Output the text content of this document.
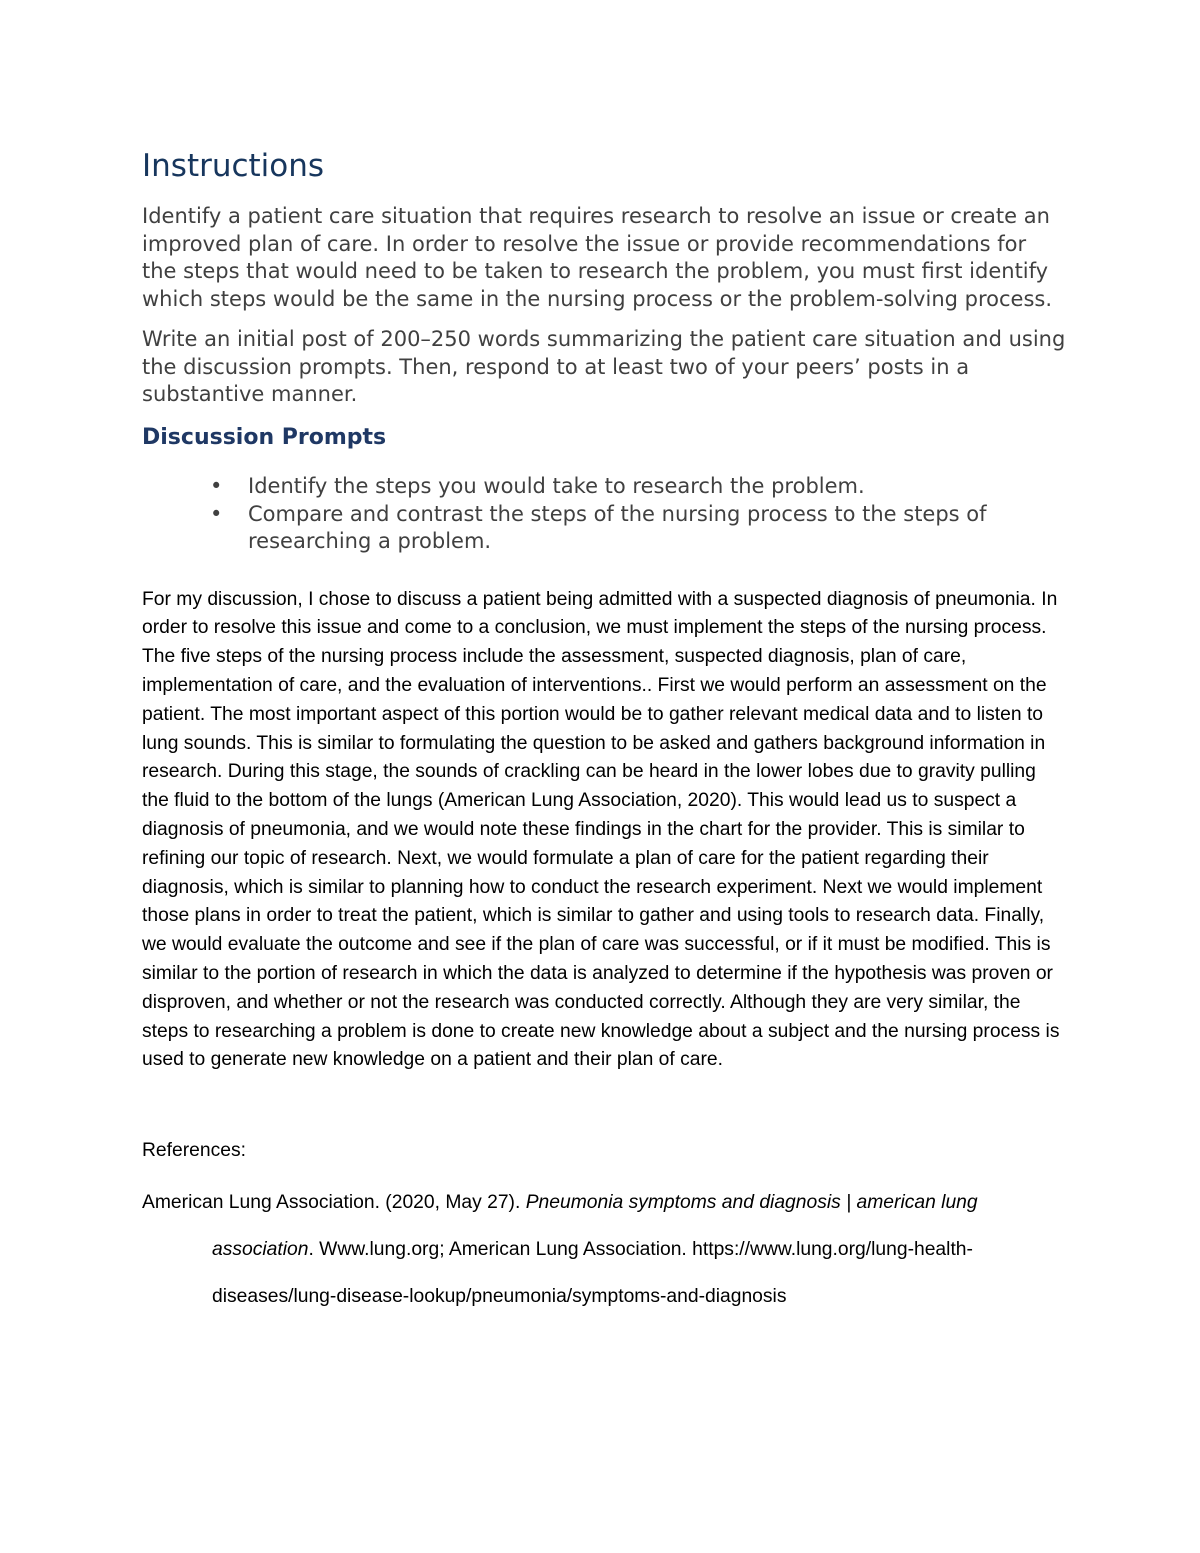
Instructions

Identify a patient care situation that requires research to resolve an issue or create an improved plan of care. In order to resolve the issue or provide recommendations for the steps that would need to be taken to research the problem, you must first identify which steps would be the same in the nursing process or the problem-solving process.

Write an initial post of 200–250 words summarizing the patient care situation and using the discussion prompts. Then, respond to at least two of your peers’ posts in a substantive manner.

Discussion Prompts
• Identify the steps you would take to research the problem.
• Compare and contrast the steps of the nursing process to the steps of researching a problem.

For my discussion, I chose to discuss a patient being admitted with a suspected diagnosis of pneumonia. In order to resolve this issue and come to a conclusion, we must implement the steps of the nursing process. The five steps of the nursing process include the assessment, suspected diagnosis, plan of care, implementation of care, and the evaluation of interventions.. First we would perform an assessment on the patient. The most important aspect of this portion would be to gather relevant medical data and to listen to lung sounds. This is similar to formulating the question to be asked and gathers background information in research. During this stage, the sounds of crackling can be heard in the lower lobes due to gravity pulling the fluid to the bottom of the lungs (American Lung Association, 2020). This would lead us to suspect a diagnosis of pneumonia, and we would note these findings in the chart for the provider. This is similar to refining our topic of research. Next, we would formulate a plan of care for the patient regarding their diagnosis, which is similar to planning how to conduct the research experiment. Next we would implement those plans in order to treat the patient, which is similar to gather and using tools to research data. Finally, we would evaluate the outcome and see if the plan of care was successful, or if it must be modified. This is similar to the portion of research in which the data is analyzed to determine if the hypothesis was proven or disproven, and whether or not the research was conducted correctly. Although they are very similar, the steps to researching a problem is done to create new knowledge about a subject and the nursing process is used to generate new knowledge on a patient and their plan of care.

References:

American Lung Association. (2020, May 27). Pneumonia symptoms and diagnosis | american lung association. Www.lung.org; American Lung Association. https://www.lung.org/lung-health-diseases/lung-disease-lookup/pneumonia/symptoms-and-diagnosis
